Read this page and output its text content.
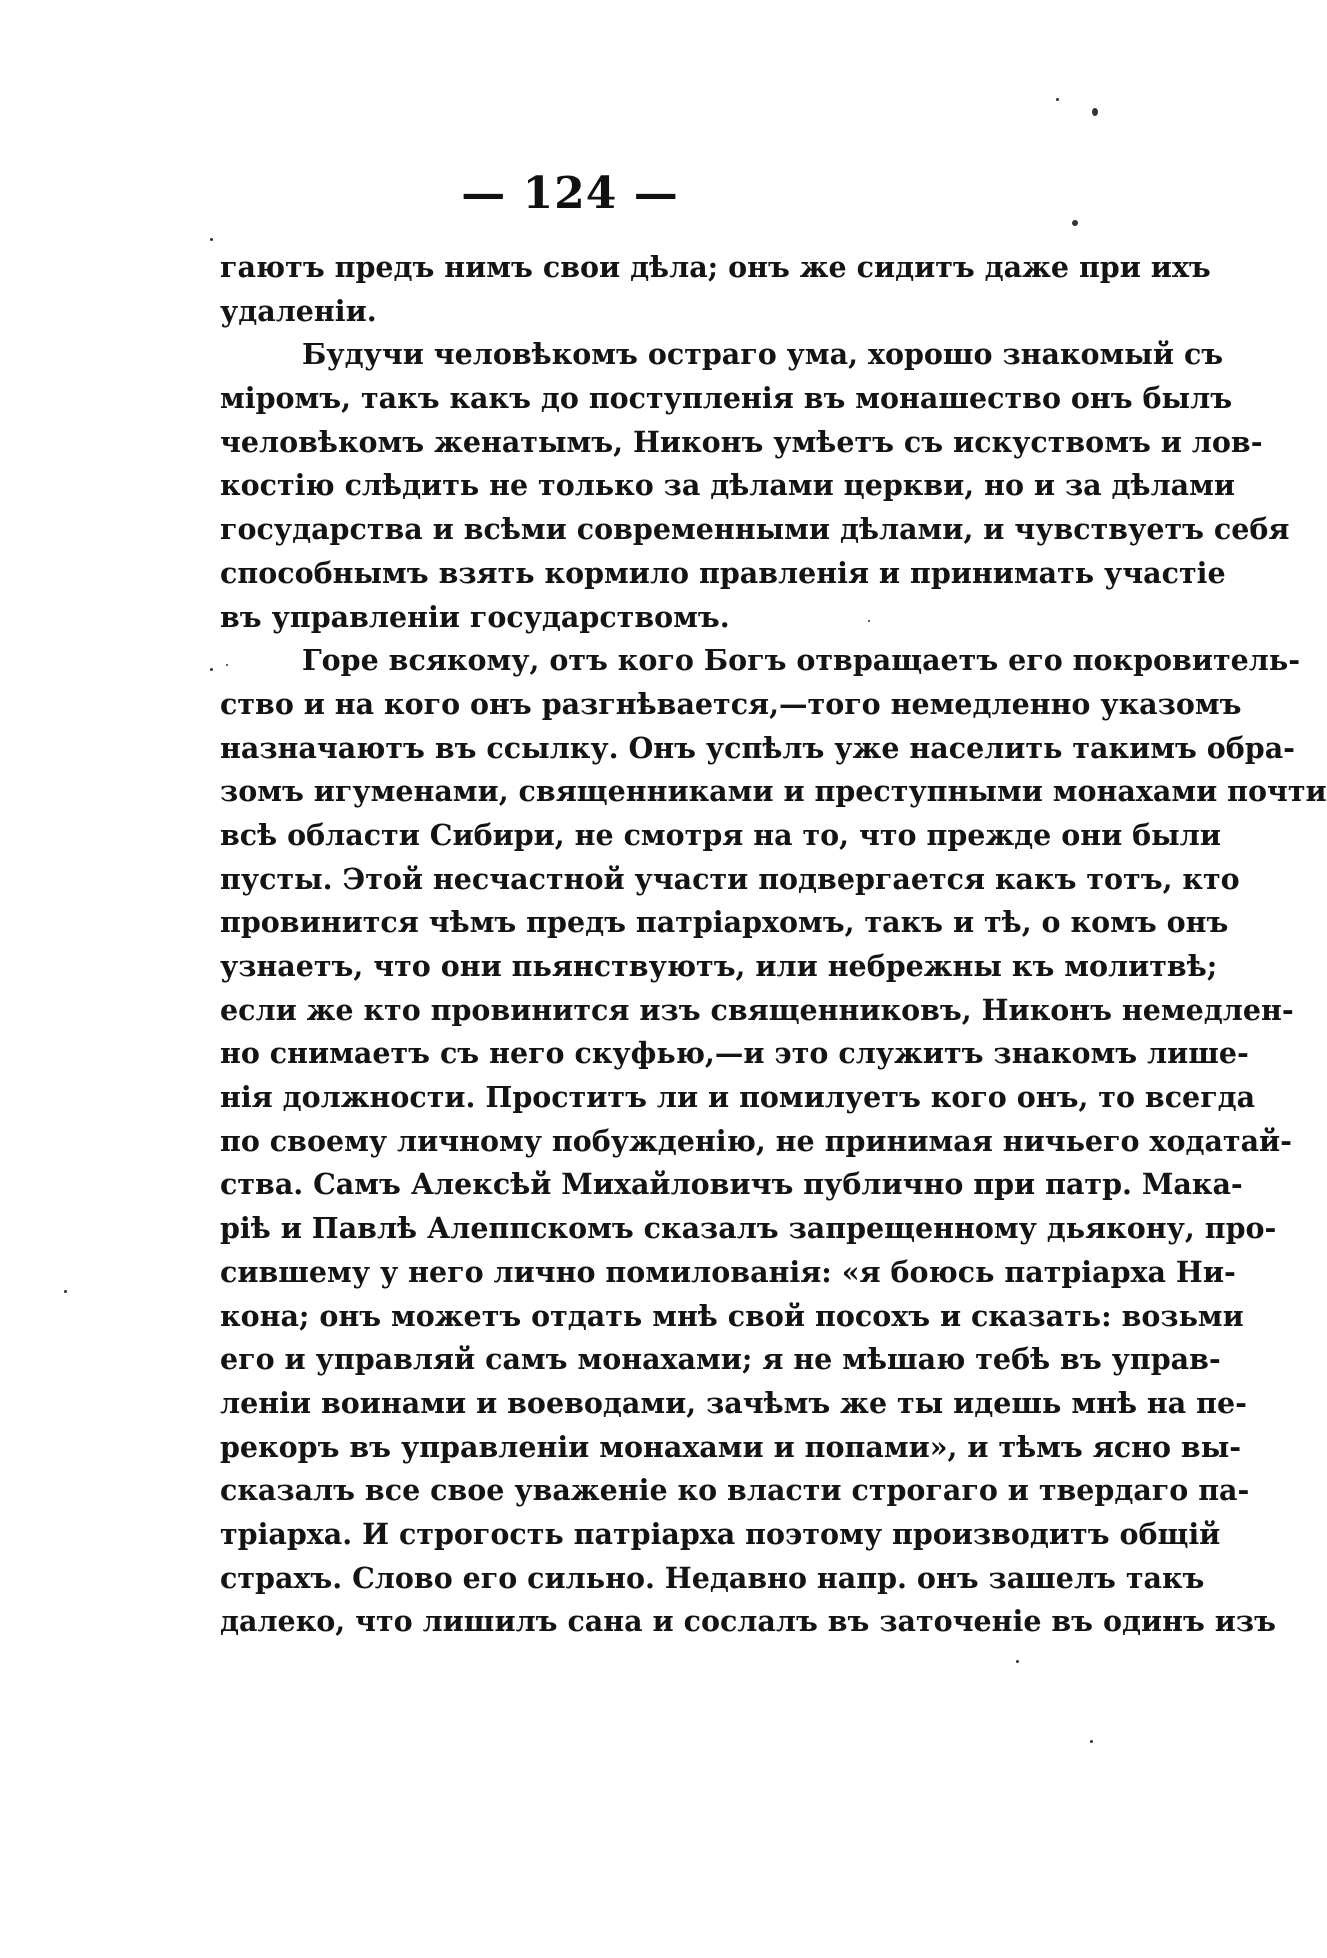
— 124 —
гаютъ предъ нимъ свои дѣла; онъ же сидитъ даже при ихъ
удаленіи.
Будучи человѣкомъ остраго ума, хорошо знакомый съ
міромъ, такъ какъ до поступленія въ монашество онъ былъ
человѣкомъ женатымъ, Никонъ умѣетъ съ искуствомъ и лов-
костію слѣдить не только за дѣлами церкви, но и за дѣлами
государства и всѣми современными дѣлами, и чувствуетъ себя
способнымъ взять кормило правленія и принимать участіе
въ управленіи государствомъ.
Горе всякому, отъ кого Богъ отвращаетъ его покровитель-
ство и на кого онъ разгнѣвается,—того немедленно указомъ
назначаютъ въ ссылку. Онъ успѣлъ уже населить такимъ обра-
зомъ игуменами, священниками и преступными монахами почти
всѣ области Сибири, не смотря на то, что прежде они были
пусты. Этой несчастной участи подвергается какъ тотъ, кто
провинится чѣмъ предъ патріархомъ, такъ и тѣ, о комъ онъ
узнаетъ, что они пьянствуютъ, или небрежны къ молитвѣ;
если же кто провинится изъ священниковъ, Никонъ немедлен-
но снимаетъ съ него скуфью,—и это служитъ знакомъ лише-
нія должности. Проститъ ли и помилуетъ кого онъ, то всегда
по своему личному побужденію, не принимая ничьего ходатай-
ства. Самъ Алексѣй Михайловичъ публично при патр. Мака-
ріѣ и Павлѣ Алеппскомъ сказалъ запрещенному дьякону, про-
сившему у него лично помилованія: «я боюсь патріарха Ни-
кона; онъ можетъ отдать мнѣ свой посохъ и сказать: возьми
его и управляй самъ монахами; я не мѣшаю тебѣ въ управ-
леніи воинами и воеводами, зачѣмъ же ты идешь мнѣ на пе-
рекоръ въ управленіи монахами и попами», и тѣмъ ясно вы-
сказалъ все свое уваженіе ко власти строгаго и твердаго па-
тріарха. И строгость патріарха поэтому производитъ общій
страхъ. Слово его сильно. Недавно напр. онъ зашелъ такъ
далеко, что лишилъ сана и сослалъ въ заточеніе въ одинъ изъ
